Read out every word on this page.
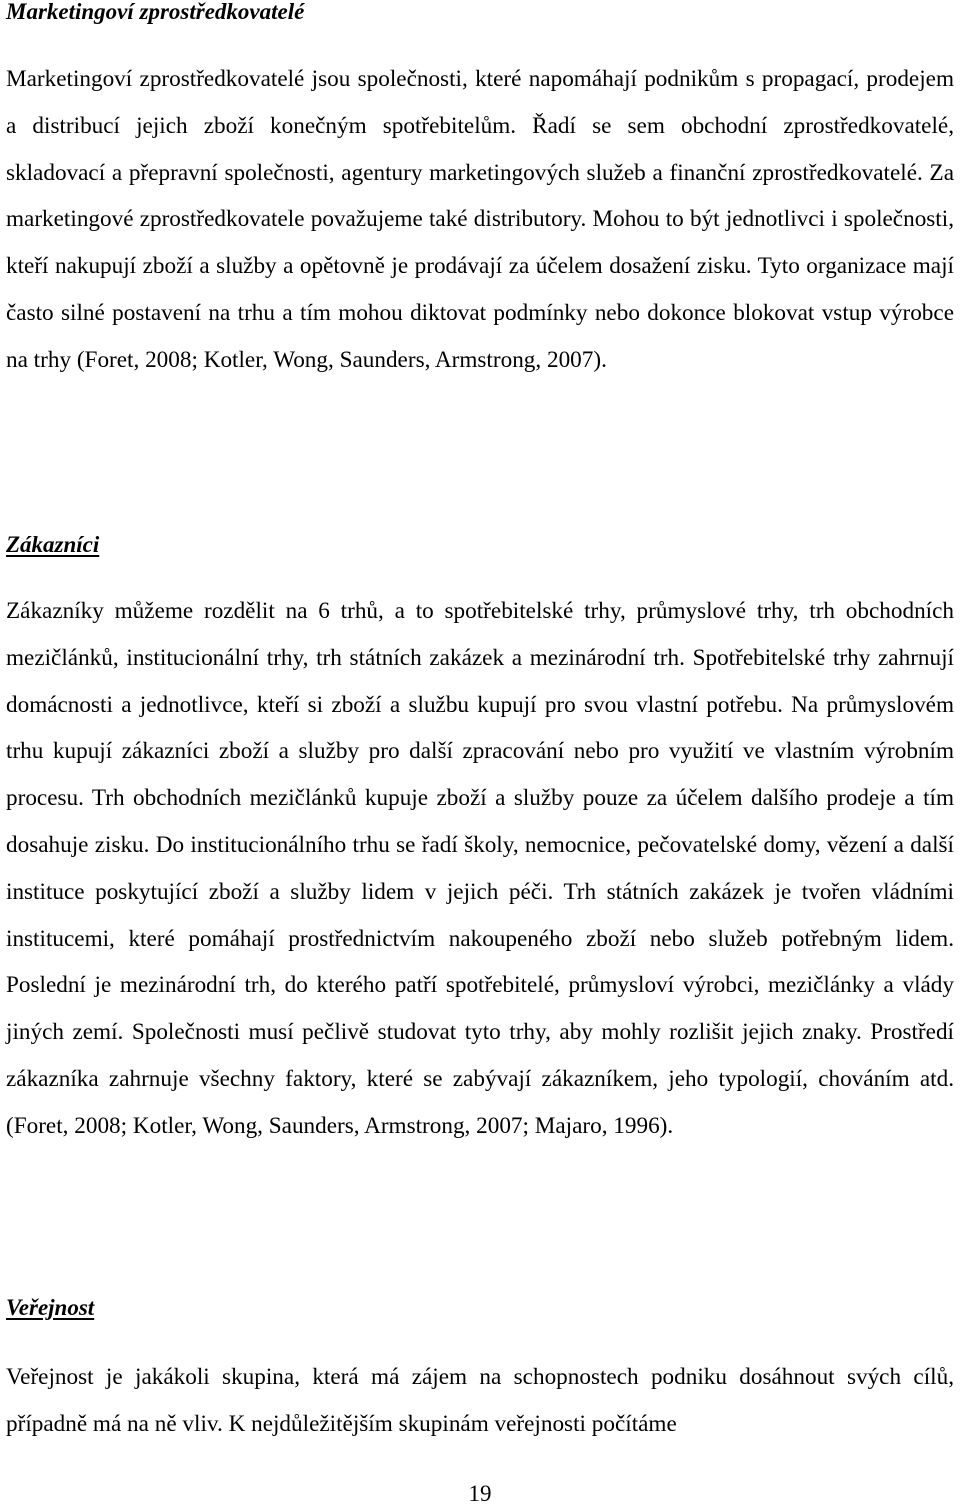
Marketingoví zprostředkovatelé

Marketingoví zprostředkovatelé jsou společnosti, které napomáhají podnikům s propagací, prodejem a distribucí jejich zboží konečným spotřebitelům. Řadí se sem obchodní zprostředkovatelé, skladovací a přepravní společnosti, agentury marketingových služeb a finanční zprostředkovatelé. Za marketingové zprostředkovatele považujeme také distributory. Mohou to být jednotlivci i společnosti, kteří nakupují zboží a služby a opětovně je prodávají za účelem dosažení zisku. Tyto organizace mají často silné postavení na trhu a tím mohou diktovat podmínky nebo dokonce blokovat vstup výrobce na trhy (Foret, 2008; Kotler, Wong, Saunders, Armstrong, 2007).

Zákazníci

Zákazníky můžeme rozdělit na 6 trhů, a to spotřebitelské trhy, průmyslové trhy, trh obchodních mezičlánků, institucionální trhy, trh státních zakázek a mezinárodní trh. Spotřebitelské trhy zahrnují domácnosti a jednotlivce, kteří si zboží a službu kupují pro svou vlastní potřebu. Na průmyslovém trhu kupují zákazníci zboží a služby pro další zpracování nebo pro využití ve vlastním výrobním procesu. Trh obchodních mezičlánků kupuje zboží a služby pouze za účelem dalšího prodeje a tím dosahuje zisku. Do institucionálního trhu se řadí školy, nemocnice, pečovatelské domy, vězení a další instituce poskytující zboží a služby lidem v jejich péči. Trh státních zakázek je tvořen vládními institucemi, které pomáhají prostřednictvím nakoupeného zboží nebo služeb potřebným lidem. Poslední je mezinárodní trh, do kterého patří spotřebitelé, průmysloví výrobci, mezičlánky a vlády jiných zemí. Společnosti musí pečlivě studovat tyto trhy, aby mohly rozlišit jejich znaky. Prostředí zákazníka zahrnuje všechny faktory, které se zabývají zákazníkem, jeho typologií, chováním atd. (Foret, 2008; Kotler, Wong, Saunders, Armstrong, 2007; Majaro, 1996).

Veřejnost

Veřejnost je jakákoli skupina, která má zájem na schopnostech podniku dosáhnout svých cílů, případně má na ně vliv. K nejdůležitějším skupinám veřejnosti počítáme

19
